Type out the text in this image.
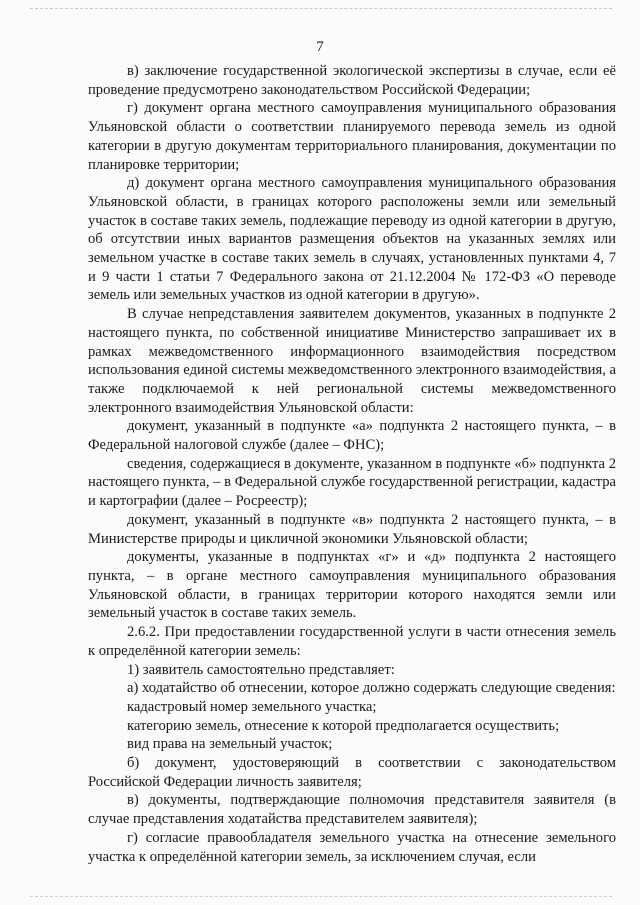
7

в) заключение государственной экологической экспертизы в случае, если её проведение предусмотрено законодательством Российской Федерации;

г) документ органа местного самоуправления муниципального образования Ульяновской области о соответствии планируемого перевода земель из одной категории в другую документам территориального планирования, документации по планировке территории;

д) документ органа местного самоуправления муниципального образования Ульяновской области, в границах которого расположены земли или земельный участок в составе таких земель, подлежащие переводу из одной категории в другую, об отсутствии иных вариантов размещения объектов на указанных землях или земельном участке в составе таких земель в случаях, установленных пунктами 4, 7 и 9 части 1 статьи 7 Федерального закона от 21.12.2004 № 172-ФЗ «О переводе земель или земельных участков из одной категории в другую».

В случае непредставления заявителем документов, указанных в подпункте 2 настоящего пункта, по собственной инициативе Министерство запрашивает их в рамках межведомственного информационного взаимодействия посредством использования единой системы межведомственного электронного взаимодействия, а также подключаемой к ней региональной системы межведомственного электронного взаимодействия Ульяновской области:

документ, указанный в подпункте «а» подпункта 2 настоящего пункта, – в Федеральной налоговой службе (далее – ФНС);

сведения, содержащиеся в документе, указанном в подпункте «б» подпункта 2 настоящего пункта, – в Федеральной службе государственной регистрации, кадастра и картографии (далее – Росреестр);

документ, указанный в подпункте «в» подпункта 2 настоящего пункта, – в Министерстве природы и цикличной экономики Ульяновской области;

документы, указанные в подпунктах «г» и «д» подпункта 2 настоящего пункта, – в органе местного самоуправления муниципального образования Ульяновской области, в границах территории которого находятся земли или земельный участок в составе таких земель.

2.6.2. При предоставлении государственной услуги в части отнесения земель к определённой категории земель:

1) заявитель самостоятельно представляет:

а) ходатайство об отнесении, которое должно содержать следующие сведения:

кадастровый номер земельного участка;

категорию земель, отнесение к которой предполагается осуществить;

вид права на земельный участок;

б) документ, удостоверяющий в соответствии с законодательством Российской Федерации личность заявителя;

в) документы, подтверждающие полномочия представителя заявителя (в случае представления ходатайства представителем заявителя);

г) согласие правообладателя земельного участка на отнесение земельного участка к определённой категории земель, за исключением случая, если
